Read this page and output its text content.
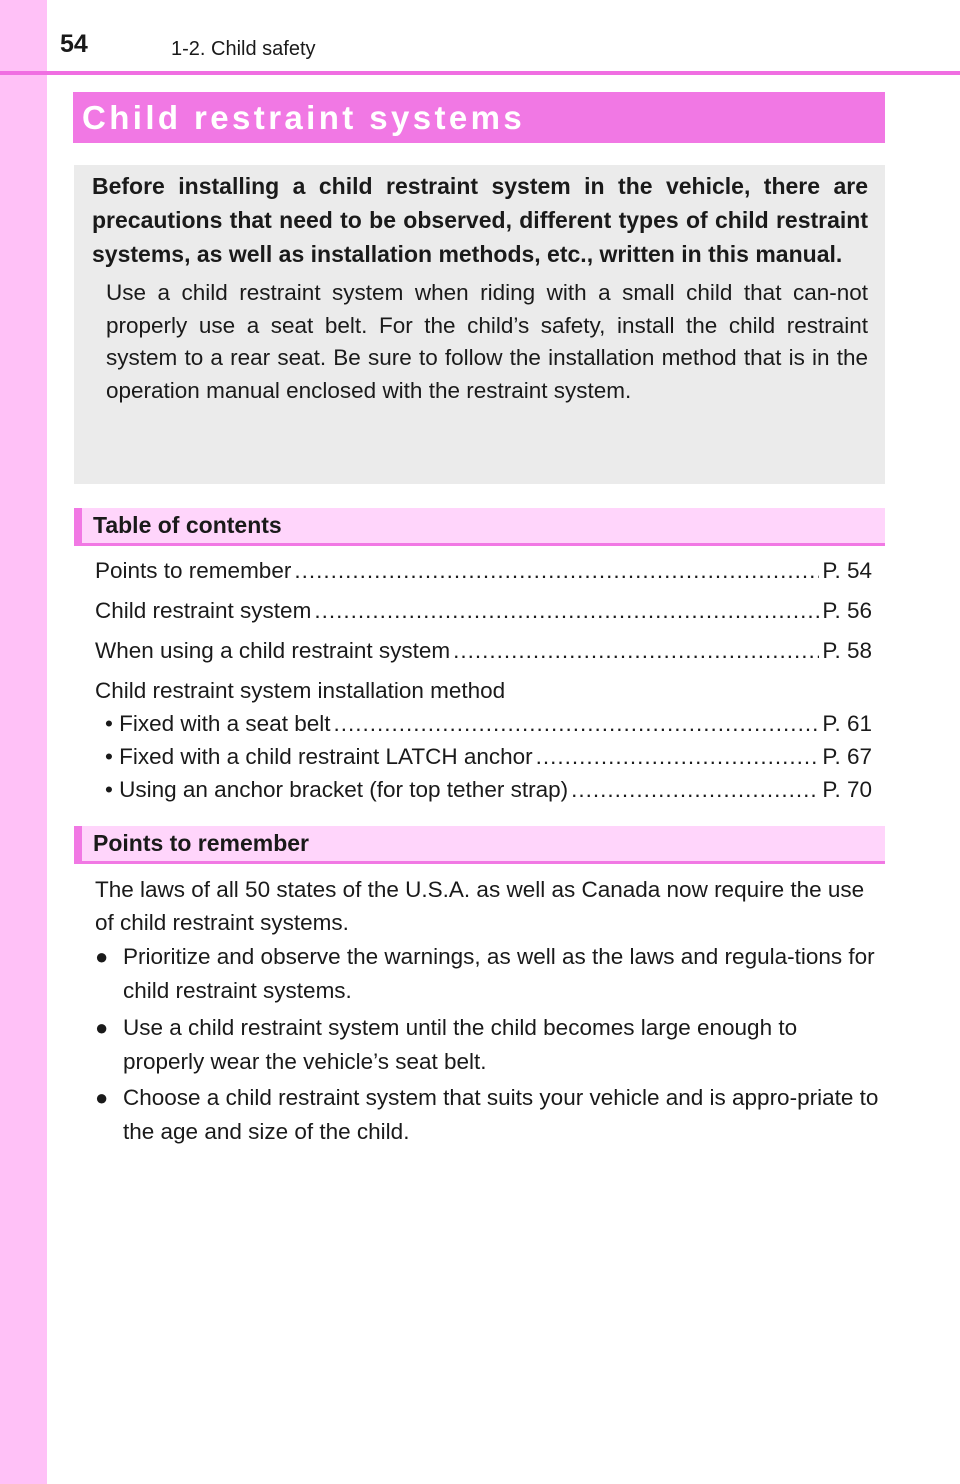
54	1-2. Child safety
Child restraint systems

Before installing a child restraint system in the vehicle, there are precautions that need to be observed, different types of child restraint systems, as well as installation methods, etc., written in this manual.

Use a child restraint system when riding with a small child that can-not properly use a seat belt. For the child’s safety, install the child restraint system to a rear seat. Be sure to follow the installation method that is in the operation manual enclosed with the restraint system.

Table of contents
Points to remember .....	P. 54
Child restraint system .....	P. 56
When using a child restraint system .....	P. 58
Child restraint system installation method
• Fixed with a seat belt .....	P. 61
• Fixed with a child restraint LATCH anchor .....	P. 67
• Using an anchor bracket (for top tether strap) .....	P. 70
Points to remember

The laws of all 50 states of the U.S.A. as well as Canada now require the use of child restraint systems.

● Prioritize and observe the warnings, as well as the laws and regula-tions for child restraint systems.
● Use a child restraint system until the child becomes large enough to properly wear the vehicle’s seat belt.
● Choose a child restraint system that suits your vehicle and is appro-priate to the age and size of the child.
